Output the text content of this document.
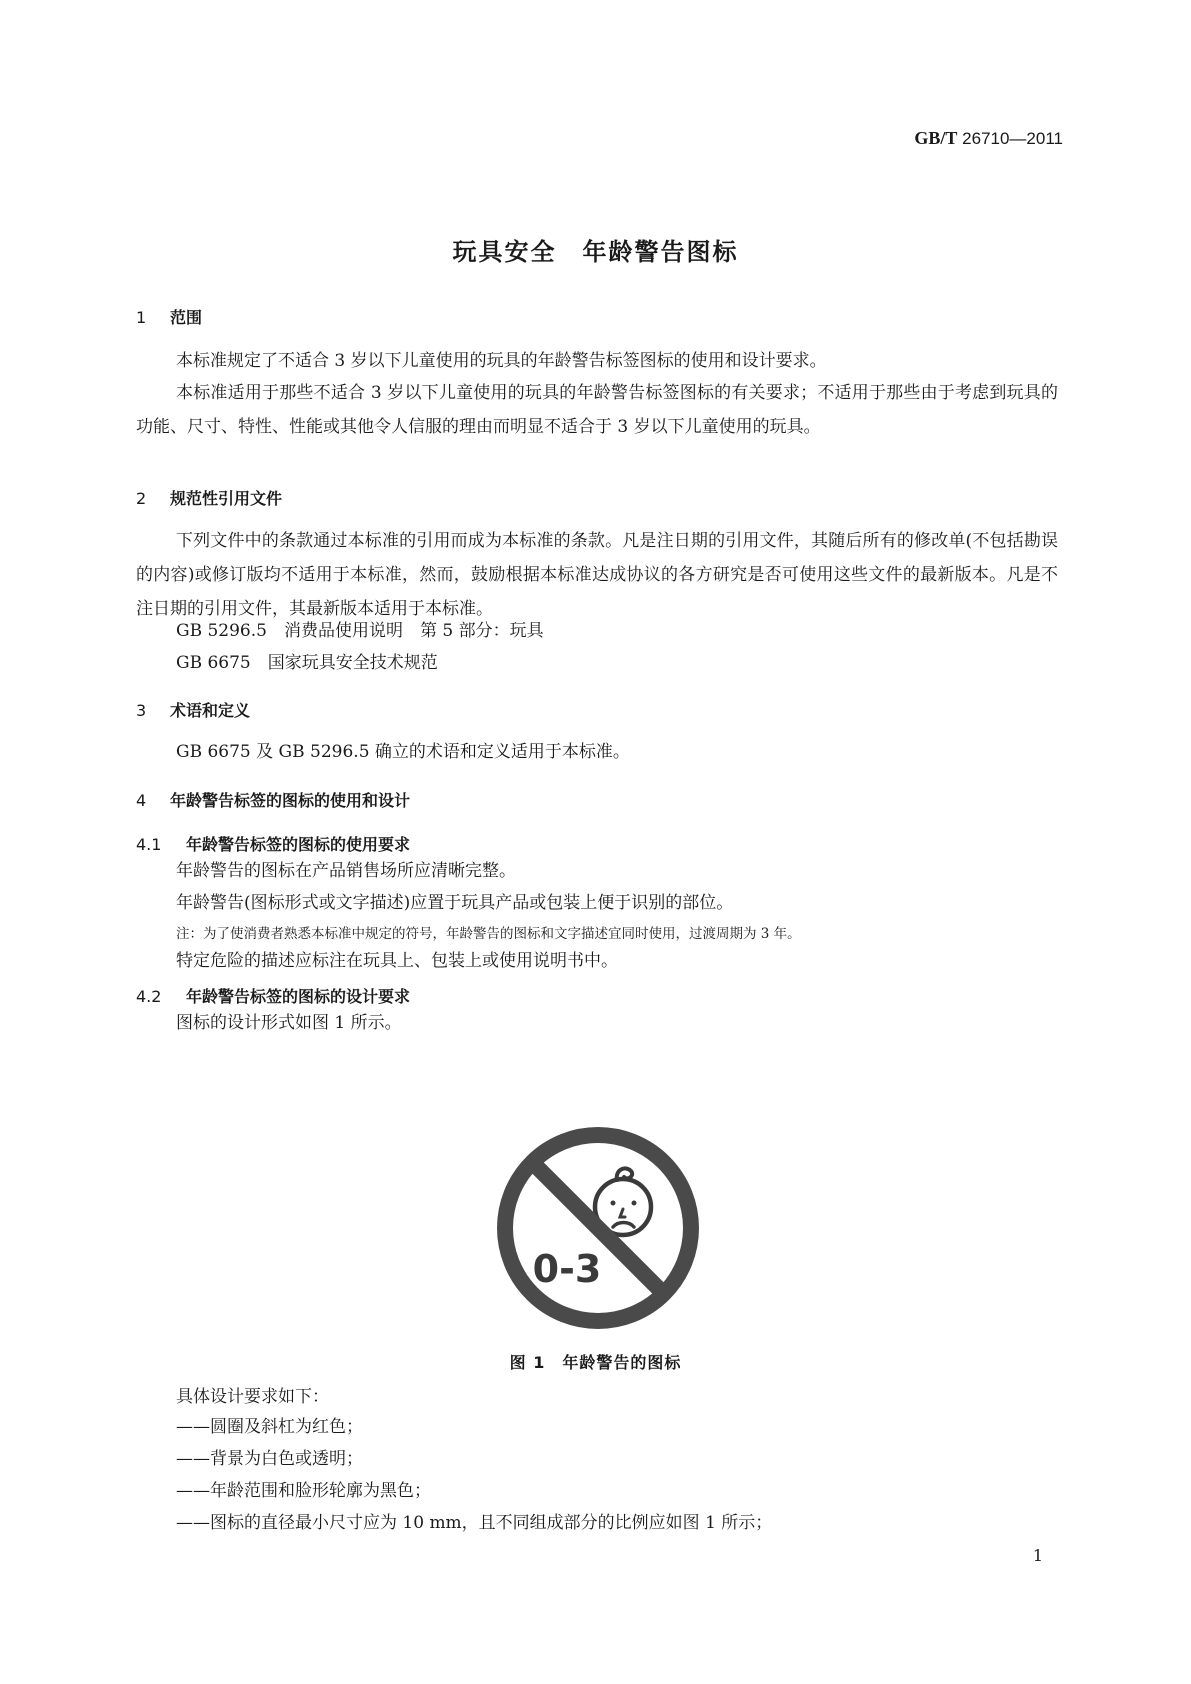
GB/T 26710—2011
玩具安全　年龄警告图标
1 范围
本标准规定了不适合 3 岁以下儿童使用的玩具的年龄警告标签图标的使用和设计要求。
本标准适用于那些不适合 3 岁以下儿童使用的玩具的年龄警告标签图标的有关要求；不适用于那些由于考虑到玩具的功能、尺寸、特性、性能或其他令人信服的理由而明显不适合于 3 岁以下儿童使用的玩具。
2 规范性引用文件
下列文件中的条款通过本标准的引用而成为本标准的条款。凡是注日期的引用文件，其随后所有的修改单(不包括勘误的内容)或修订版均不适用于本标准，然而，鼓励根据本标准达成协议的各方研究是否可使用这些文件的最新版本。凡是不注日期的引用文件，其最新版本适用于本标准。
GB 5296.5　消费品使用说明　第 5 部分：玩具
GB 6675　国家玩具安全技术规范
3 术语和定义
GB 6675 及 GB 5296.5 确立的术语和定义适用于本标准。
4 年龄警告标签的图标的使用和设计
4.1 年龄警告标签的图标的使用要求
年龄警告的图标在产品销售场所应清晰完整。
年龄警告(图标形式或文字描述)应置于玩具产品或包装上便于识别的部位。
注：为了使消费者熟悉本标准中规定的符号，年龄警告的图标和文字描述宜同时使用，过渡周期为 3 年。
特定危险的描述应标注在玩具上、包装上或使用说明书中。
4.2 年龄警告标签的图标的设计要求
图标的设计形式如图 1 所示。
0-3
图 1　年龄警告的图标
具体设计要求如下：
——圆圈及斜杠为红色；
——背景为白色或透明；
——年龄范围和脸形轮廓为黑色；
——图标的直径最小尺寸应为 10 mm，且不同组成部分的比例应如图 1 所示；
1
